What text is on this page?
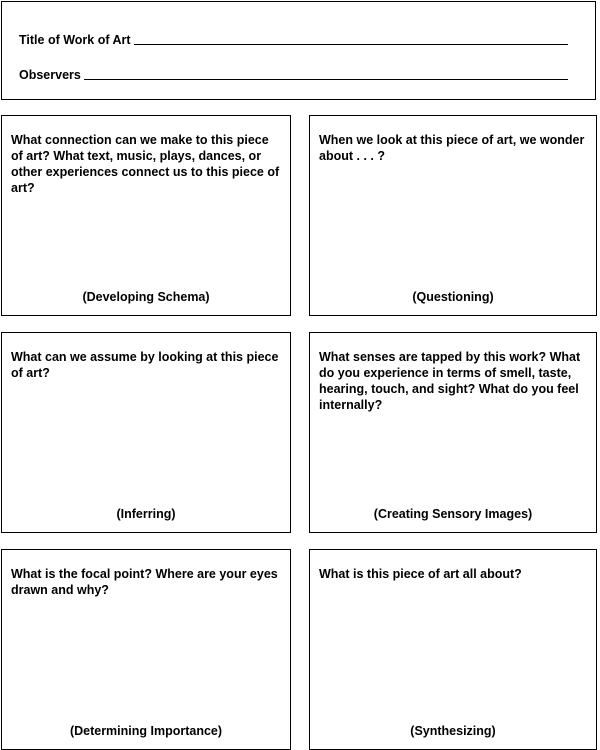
Title of Work of Art
Observers

What connection can we make to this piece of art? What text, music, plays, dances, or other experiences connect us to this piece of art?

(Developing Schema)

When we look at this piece of art, we wonder about . . . ?

(Questioning)

What can we assume by looking at this piece of art?

(Inferring)

What senses are tapped by this work? What do you experience in terms of smell, taste, hearing, touch, and sight? What do you feel internally?

(Creating Sensory Images)

What is the focal point? Where are your eyes drawn and why?

(Determining Importance)

What is this piece of art all about?

(Synthesizing)
